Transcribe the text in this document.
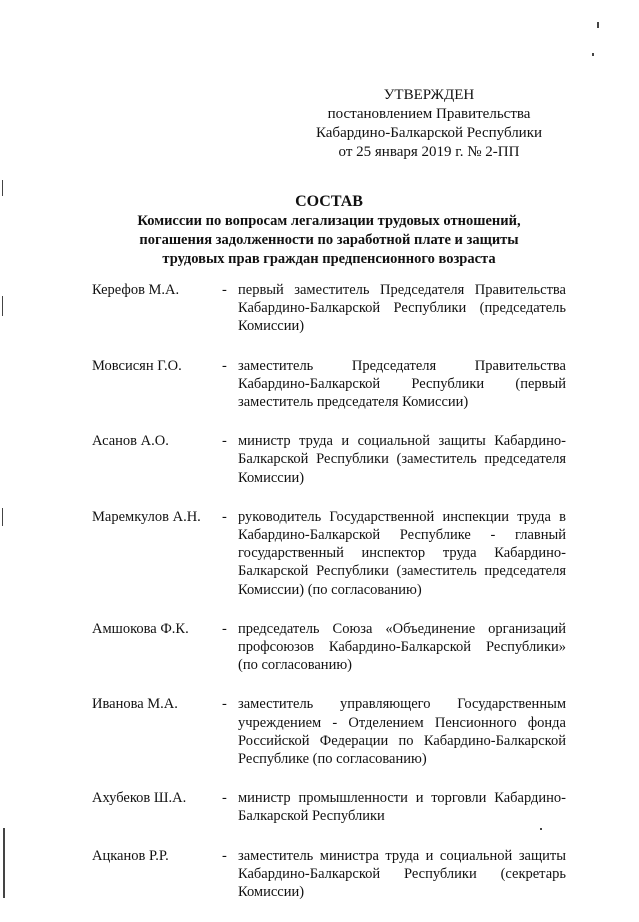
УТВЕРЖДЕН
постановлением Правительства
Кабардино-Балкарской Республики
от 25 января 2019 г. № 2-ПП
СОСТАВ
Комиссии по вопросам легализации трудовых отношений,
погашения задолженности по заработной плате и защиты
трудовых прав граждан предпенсионного возраста
Керефов М.А.	- первый заместитель Председателя Правительства Кабардино-Балкарской Республики (председатель Комиссии)
Мовсисян Г.О.	- заместитель Председателя Правительства Кабардино-Балкарской Республики (первый заместитель председателя Комиссии)
Асанов А.О.	- министр труда и социальной защиты Кабардино-Балкарской Республики (заместитель председателя Комиссии)
Маремкулов А.Н.	- руководитель Государственной инспекции труда в Кабардино-Балкарской Республике - главный государственный инспектор труда Кабардино-Балкарской Республики (заместитель председателя Комиссии) (по согласованию)
Амшокова Ф.К.	- председатель Союза «Объединение организаций профсоюзов Кабардино-Балкарской Республики» (по согласованию)
Иванова М.А.	- заместитель управляющего Государственным учреждением - Отделением Пенсионного фонда Российской Федерации по Кабардино-Балкарской Республике (по согласованию)
Ахубеков Ш.А.	- министр промышленности и торговли Кабардино-Балкарской Республики
Ацканов Р.Р.	- заместитель министра труда и социальной защиты Кабардино-Балкарской Республики (секретарь Комиссии)
